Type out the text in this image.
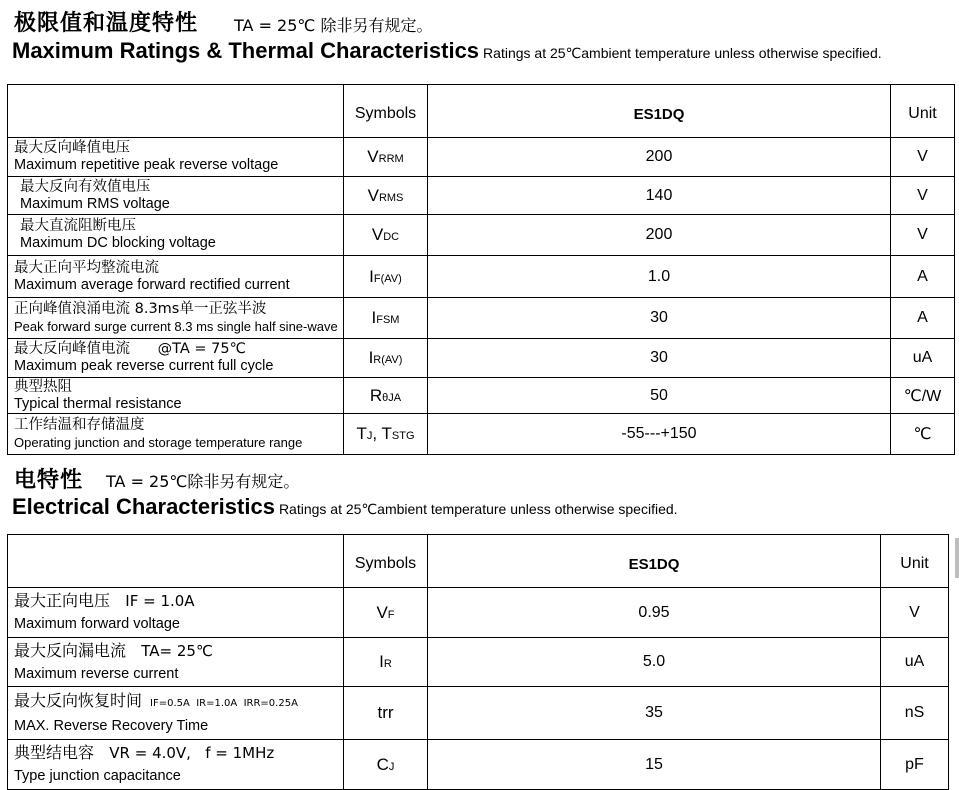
极限值和温度特性 TA = 25℃ 除非另有规定。
Maximum Ratings & Thermal Characteristics Ratings at 25℃ambient temperature unless otherwise specified.
	Symbols	ES1DQ	Unit

最大反向峰值电压
Maximum repetitive peak reverse voltage	VRRM	200	V

最大反向有效值电压
Maximum RMS voltage	VRMS	140	V

最大直流阻断电压
Maximum DC blocking voltage	VDC	200	V

最大正向平均整流电流
Maximum average forward rectified current	IF(AV)	1.0	A

正向峰值浪涌电流 8.3ms单一正弦半波
Peak forward surge current 8.3 ms single half sine-wave	IFSM	30	A

最大反向峰值电流      @TA = 75℃
Maximum peak reverse current full cycle	IR(AV)	30	uA

典型热阻
Typical thermal resistance	RθJA	50	℃/W

工作结温和存储温度
Operating junction and storage temperature range	TJ, TSTG	-55---+150	℃
电特性 TA = 25℃除非另有规定。
Electrical Characteristics Ratings at 25℃ambient temperature unless otherwise specified.
	Symbols	ES1DQ	Unit

最大正向电压 IF = 1.0A
Maximum forward voltage	VF	0.95	V

最大反向漏电流 TA= 25℃
Maximum reverse current	IR	5.0	uA

最大反向恢复时间 IF=0.5A  IR=1.0A  IRR=0.25A
MAX. Reverse Recovery Time	trr	35	nS

典型结电容 VR = 4.0V,   f = 1MHz
Type junction capacitance	CJ	15	pF
